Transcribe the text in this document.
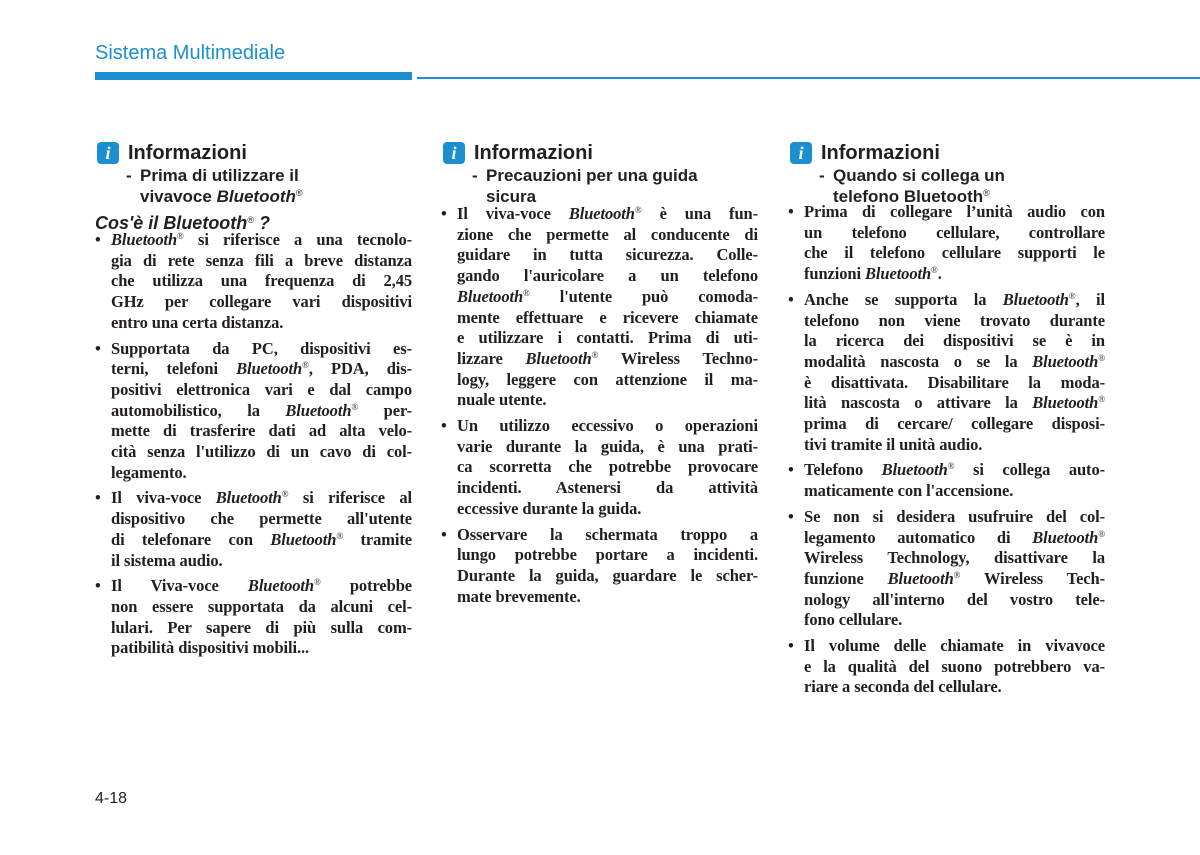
Sistema Multimediale
i Informazioni
- Prima di utilizzare il
vivavoce Bluetooth®
Cos'è il Bluetooth® ?
• Bluetooth® si riferisce a una tecnolo-
gia di rete senza fili a breve distanza
che utilizza una frequenza di 2,45
GHz per collegare vari dispositivi
entro una certa distanza.
• Supportata da PC, dispositivi es-
terni, telefoni Bluetooth®, PDA, dis-
positivi elettronica vari e dal campo
automobilistico, la Bluetooth® per-
mette di trasferire dati ad alta velo-
cità senza l'utilizzo di un cavo di col-
legamento.
• Il viva-voce Bluetooth® si riferisce al
dispositivo che permette all'utente
di telefonare con Bluetooth® tramite
il sistema audio.
• Il Viva-voce Bluetooth® potrebbe
non essere supportata da alcuni cel-
lulari. Per sapere di più sulla com-
patibilità dispositivi mobili...
i Informazioni
- Precauzioni per una guida
sicura
• Il viva-voce Bluetooth® è una fun-
zione che permette al conducente di
guidare in tutta sicurezza. Colle-
gando l'auricolare a un telefono
Bluetooth® l'utente può comoda-
mente effettuare e ricevere chiamate
e utilizzare i contatti. Prima di uti-
lizzare Bluetooth® Wireless Techno-
logy, leggere con attenzione il ma-
nuale utente.
• Un utilizzo eccessivo o operazioni
varie durante la guida, è una prati-
ca scorretta che potrebbe provocare
incidenti. Astenersi da attività
eccessive durante la guida.
• Osservare la schermata troppo a
lungo potrebbe portare a incidenti.
Durante la guida, guardare le scher-
mate brevemente.
i Informazioni
- Quando si collega un
telefono Bluetooth®
• Prima di collegare l’unità audio con
un telefono cellulare, controllare
che il telefono cellulare supporti le
funzioni Bluetooth®.
• Anche se supporta la Bluetooth®, il
telefono non viene trovato durante
la ricerca dei dispositivi se è in
modalità nascosta o se la Bluetooth®
è disattivata. Disabilitare la moda-
lità nascosta o attivare la Bluetooth®
prima di cercare/ collegare disposi-
tivi tramite il unità audio.
• Telefono Bluetooth® si collega auto-
maticamente con l'accensione.
• Se non si desidera usufruire del col-
legamento automatico di Bluetooth®
Wireless Technology, disattivare la
funzione Bluetooth® Wireless Tech-
nology all'interno del vostro tele-
fono cellulare.
• Il volume delle chiamate in vivavoce
e la qualità del suono potrebbero va-
riare a seconda del cellulare.
4-18
